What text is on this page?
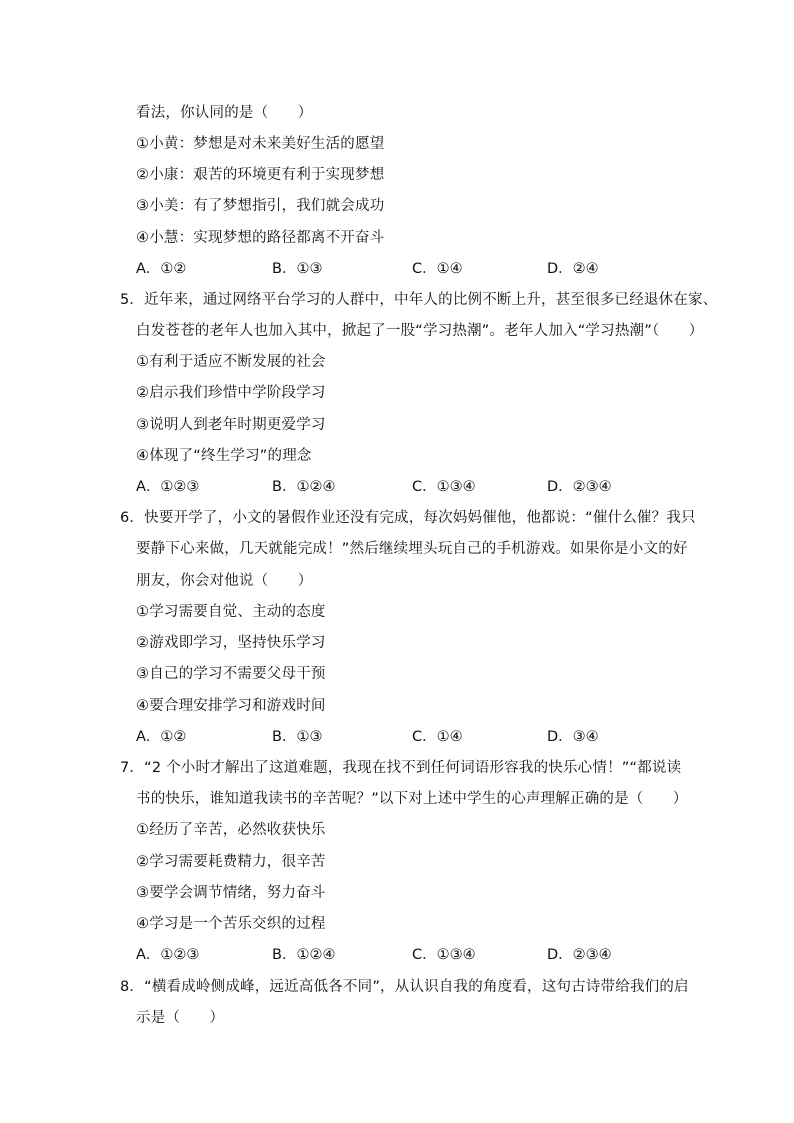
看法，你认同的是（　　）
①小黄：梦想是对未来美好生活的愿望
②小康：艰苦的环境更有利于实现梦想
③小美：有了梦想指引，我们就会成功
④小慧：实现梦想的路径都离不开奋斗
A．①②	B．①③	C．①④	D．②④
5．近年来，通过网络平台学习的人群中，中年人的比例不断上升，甚至很多已经退休在家、
白发苍苍的老年人也加入其中，掀起了一股“学习热潮”。老年人加入“学习热潮”（　　）
①有利于适应不断发展的社会
②启示我们珍惜中学阶段学习
③说明人到老年时期更爱学习
④体现了“终生学习”的理念
A．①②③	B．①②④	C．①③④	D．②③④
6．快要开学了，小文的暑假作业还没有完成，每次妈妈催他，他都说：“催什么催？我只
要静下心来做，几天就能完成！”然后继续埋头玩自己的手机游戏。如果你是小文的好
朋友，你会对他说（　　）
①学习需要自觉、主动的态度
②游戏即学习，坚持快乐学习
③自己的学习不需要父母干预
④要合理安排学习和游戏时间
A．①②	B．①③	C．①④	D．③④
7．“2 个小时才解出了这道难题，我现在找不到任何词语形容我的快乐心情！”“都说读
书的快乐，谁知道我读书的辛苦呢？”以下对上述中学生的心声理解正确的是（　　）
①经历了辛苦，必然收获快乐
②学习需要耗费精力，很辛苦
③要学会调节情绪，努力奋斗
④学习是一个苦乐交织的过程
A．①②③	B．①②④	C．①③④	D．②③④
8．“横看成岭侧成峰，远近高低各不同”，从认识自我的角度看，这句古诗带给我们的启
示是（　　）
